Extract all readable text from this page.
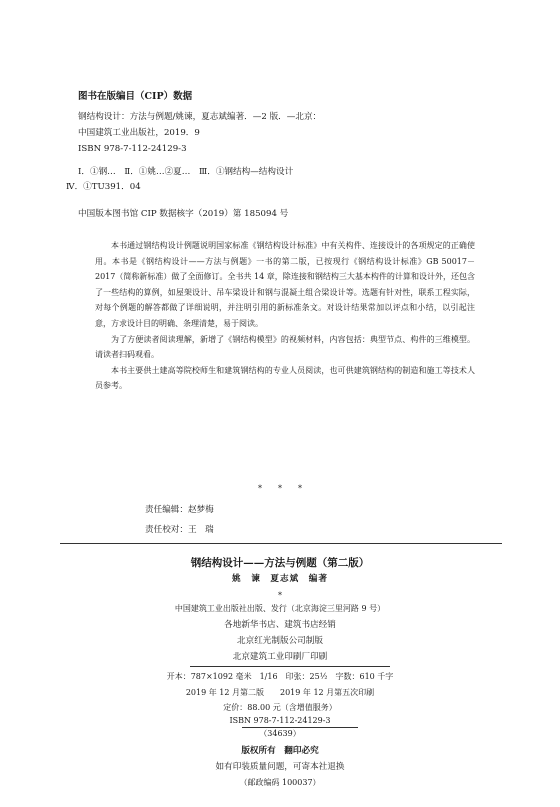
图书在版编目（CIP）数据
钢结构设计：方法与例题/姚谏，夏志斌编著．—2 版．—北京：
中国建筑工业出版社，2019．9
ISBN 978-7-112-24129-3
Ⅰ．①钢…　Ⅱ．①姚…②夏…　Ⅲ．①钢结构—结构设计
Ⅳ．①TU391．04
中国版本图书馆 CIP 数据核字（2019）第 185094 号

本书通过钢结构设计例题说明国家标准《钢结构设计标准》中有关构件、连接设计的各项规定的正确使用。本书是《钢结构设计——方法与例题》一书的第二版，已按现行《钢结构设计标准》GB 50017－2017（简称新标准）做了全面修订。全书共 14 章，除连接和钢结构三大基本构件的计算和设计外，还包含了一些结构的算例，如屋架设计、吊车梁设计和钢与混凝土组合梁设计等。选题有针对性，联系工程实际，对每个例题的解答都做了详细说明，并注明引用的新标准条文。对设计结果常加以评点和小结，以引起注意，方求设计目的明确、条理清楚，易于阅读。

为了方便读者阅读理解，新增了《钢结构模型》的视频材料，内容包括：典型节点、构件的三维模型。请读者扫码观看。

本书主要供土建高等院校师生和建筑钢结构的专业人员阅读，也可供建筑钢结构的制造和施工等技术人员参考。

*　　*　　*
责任编辑：赵梦梅
责任校对：王　瑞
钢结构设计——方法与例题（第二版）
姚　谏　夏志斌　编著
*
中国建筑工业出版社出版、发行（北京海淀三里河路 9 号）
各地新华书店、建筑书店经销
北京红光制版公司制版
北京建筑工业印刷厂印刷
开本：787×1092 毫米　1/16　印张：25½　字数：610 千字
2019 年 12 月第二版　　2019 年 12 月第五次印刷
定价：88.00 元（含增值服务）
ISBN 978-7-112-24129-3
（34639）
版权所有　翻印必究
如有印装质量问题，可寄本社退换
（邮政编码 100037）
